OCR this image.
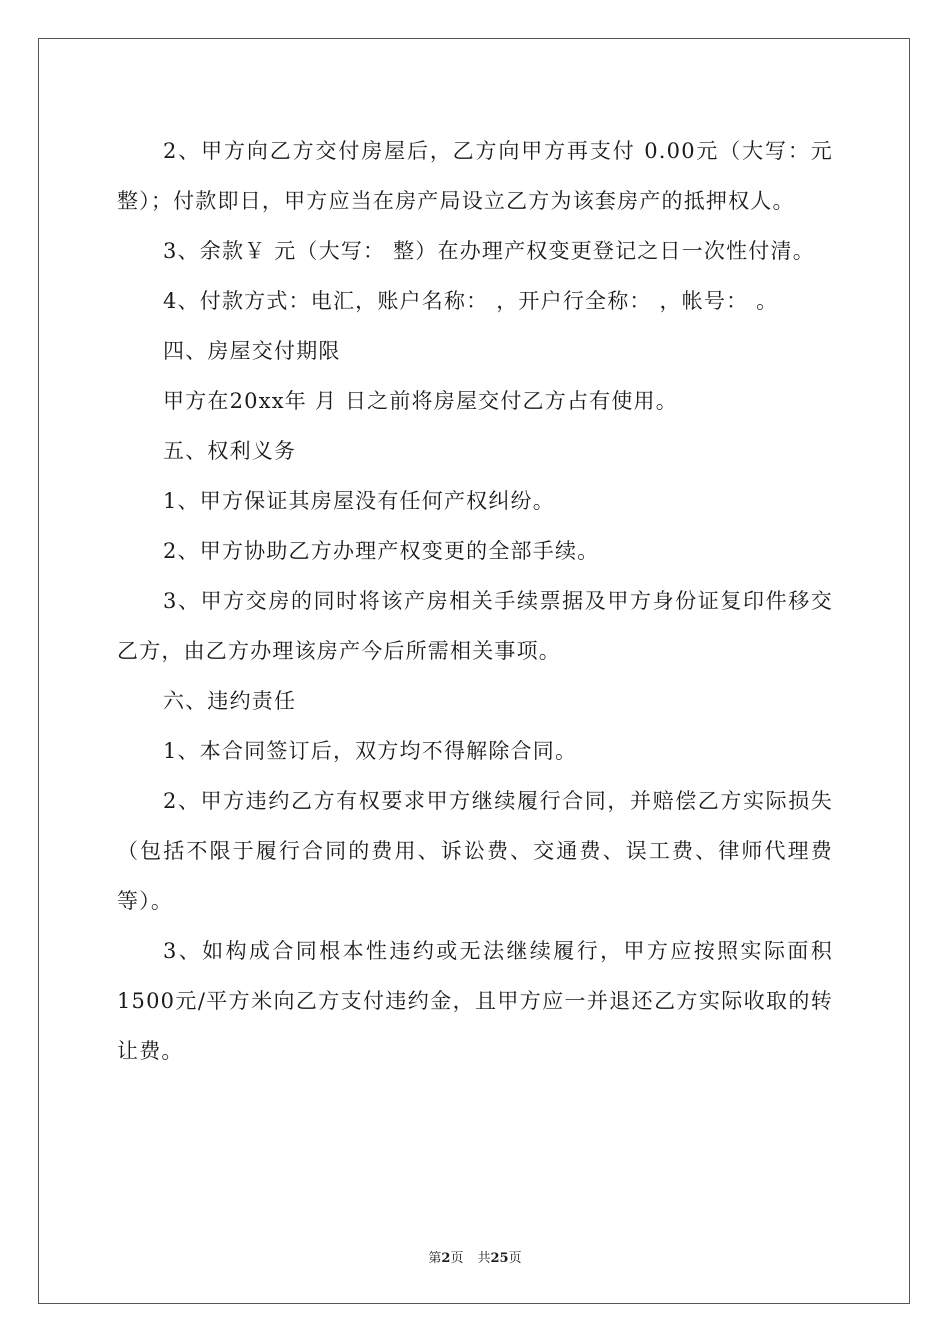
2、甲方向乙方交付房屋后，乙方向甲方再支付 0.00元（大写：元整）；付款即日，甲方应当在房产局设立乙方为该套房产的抵押权人。

3、余款￥ 元（大写： 整）在办理产权变更登记之日一次性付清。

4、付款方式：电汇，账户名称： ，开户行全称： ，帐号： 。

四、房屋交付期限

甲方在20xx年 月 日之前将房屋交付乙方占有使用。

五、权利义务

1、甲方保证其房屋没有任何产权纠纷。

2、甲方协助乙方办理产权变更的全部手续。

3、甲方交房的同时将该产房相关手续票据及甲方身份证复印件移交乙方，由乙方办理该房产今后所需相关事项。

六、违约责任

1、本合同签订后，双方均不得解除合同。

2、甲方违约乙方有权要求甲方继续履行合同，并赔偿乙方实际损失（包括不限于履行合同的费用、诉讼费、交通费、误工费、律师代理费等）。

3、如构成合同根本性违约或无法继续履行，甲方应按照实际面积1500元/平方米向乙方支付违约金，且甲方应一并退还乙方实际收取的转让费。

第2页 共25页
